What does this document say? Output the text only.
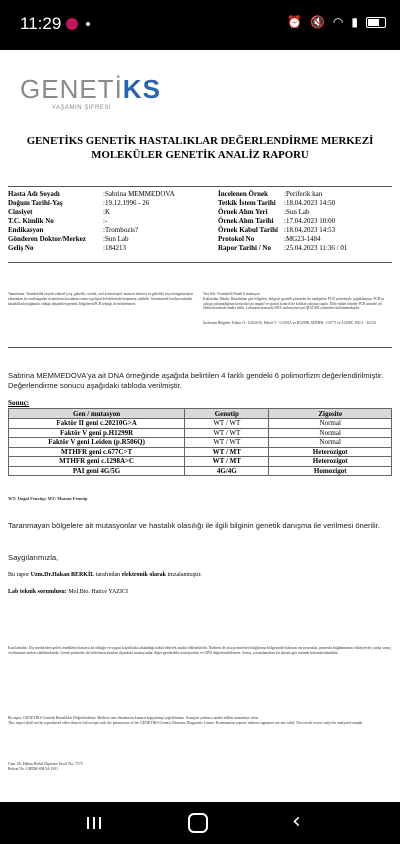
11:29	⏰ 🔇 ◠ ▮
GENETİKS
YAŞAMIN ŞİFRESİ
GENETİKS GENETİK HASTALIKLAR DEĞERLENDİRME MERKEZİ
MOLEKÜLER GENETİK ANALİZ RAPORU
Hasta Adı Soyadı	:Sabrina MEMMEDOVA
Doğum Tarihi-Yaş	:19.12.1996 - 26
Cinsiyet	:K
T.C. Kimlik No	:-
Endikasyon	:Trombozis?
Gönderen Doktor/Merkez :Sun Lab
Geliş No	:184213
İncelenen Örnek :Periferik kan
Tetkik İstem Tarihi :18.04.2023 14:50
Örnek Alım Yeri :Sun Lab
Örnek Alım Tarihi :17.04.2023 10:00
Örnek Kabul Tarihi :18.04.2023 14:53
Protokol No	:MG23-1484
Rapor Tarihi / No :25.04.2023 11:36 / 01
Tanımlama: Trombofilik olaylar edinsel (yaş, gebelik, cerrahi, oral kontraseptif, hormon tedavisi ve gebelik) veya kongenitalyon elemanları ile antikoagulan sistemlerin bozulması sonucu gelişen defektlerinde karşımıza çıkabilir. Günümüzde kardiyovasküler hastalıklarla bağlantılı olduğu düşünülen genetik bölgelerin PCR tekniği ile belirlenmesi.
Test Adı: Trombofili Paneli 6 mutasyon
Kullanılan Teknik: Hastalıktan gen bölgeleri, bölgeye spesifik primerler ile multipleks PCR yöntemiyle çoğaltılmıştır. PCR'ın çalışıp çalışmadığının kontrolü için negatif ve pozitif kontrol ile birlikte çalışma yapılır. Elde edilen ürünler PCR ürünleri jel elektroforezinde analiz edilir. Laboratuvarımızda DNA izolasyonu için QIAGEN çözümleri kullanılmaktadır.
İncelenen Bölgeler: Faktör II - G20210A, Faktör V - G1691A ve H1299R, MTHFR - C677T ve A1298C, PAI-1 - 4G/5G
Sabrina MEMMEDOVA'ya ait DNA örneğinde aşağıda belirtilen 4 farklı gendeki 6 polimorfizm değerlendirilmiştir. Değerlendirme sonucu aşağıdaki tabloda verilmiştir.
Sonuç:
Gen / mutasyon	Genotip	Zigosite
Faktör II geni c.20210G>A	WT / WT	Normal
Faktör V geni p.H1299R	WT / WT	Normal
Faktör V geni Leiden (p.R506Q)	WT / WT	Normal
MTHFR geni c.677C>T	WT / MT	Heterozigot
MTHFR geni c.1298A>C	WT / MT	Heterozigot
PAI geni 4G/5G	4G/4G	Homozigot
WT: Doğal Fenotip; MT: Mutant Fenotip
Taranmayan bölgelere ait mutasyonlar ve hastalık olasılığı ile ilgili bilginin genetik danışma ile verilmesi önerilir.
Saygılarımızla,
Bu rapor Uzm.Dr.Hakan BERKİL tarafından elektronik olarak imzalanmıştır.
Lab teknik sorumlusu: Mol.Bio. Hatice YAZICI
Kısıtlamalar: Dış merkezden gelen örneklerin hastaya ait olduğu ve uygun koşullarda saklandığı kabul edilerek analiz edilmektedir. Nadiren de olsa primerlerin bağlanma bölgesinde bulunan varyasyonlar, primerin bağlanmasını etkileyerek yanlış sonuç verilmesine neden olabilmektedir. Genin primerler ile belirlenen alanları dışındaki mutasyonlar, diğer genlerdeki mutasyonlar ve UPD değerlendirilemez. Sonuç yorumlanırken bu durum göz önünde bulundurulmalıdır.
Bu rapor, GENETİKS Genetik Hastalıklar Değerlendirme Merkezi izni olmaksızın kısmen kopyalanıp çoğaltılamaz. Sonuçlar yalnızca analiz edilen numuneye aittir.
This report shall not be reproduced other than in full except with the permission of the GENETİKS Genetic Diseases Diagnostic Center. Examination reports without signature are not valid. This result covers only the analyzed sample.
Uzm. Dr. Hakan Berkil Diploma Tescil No: 7575
Rehsat No: GHDM-SM/34-1301
‹
